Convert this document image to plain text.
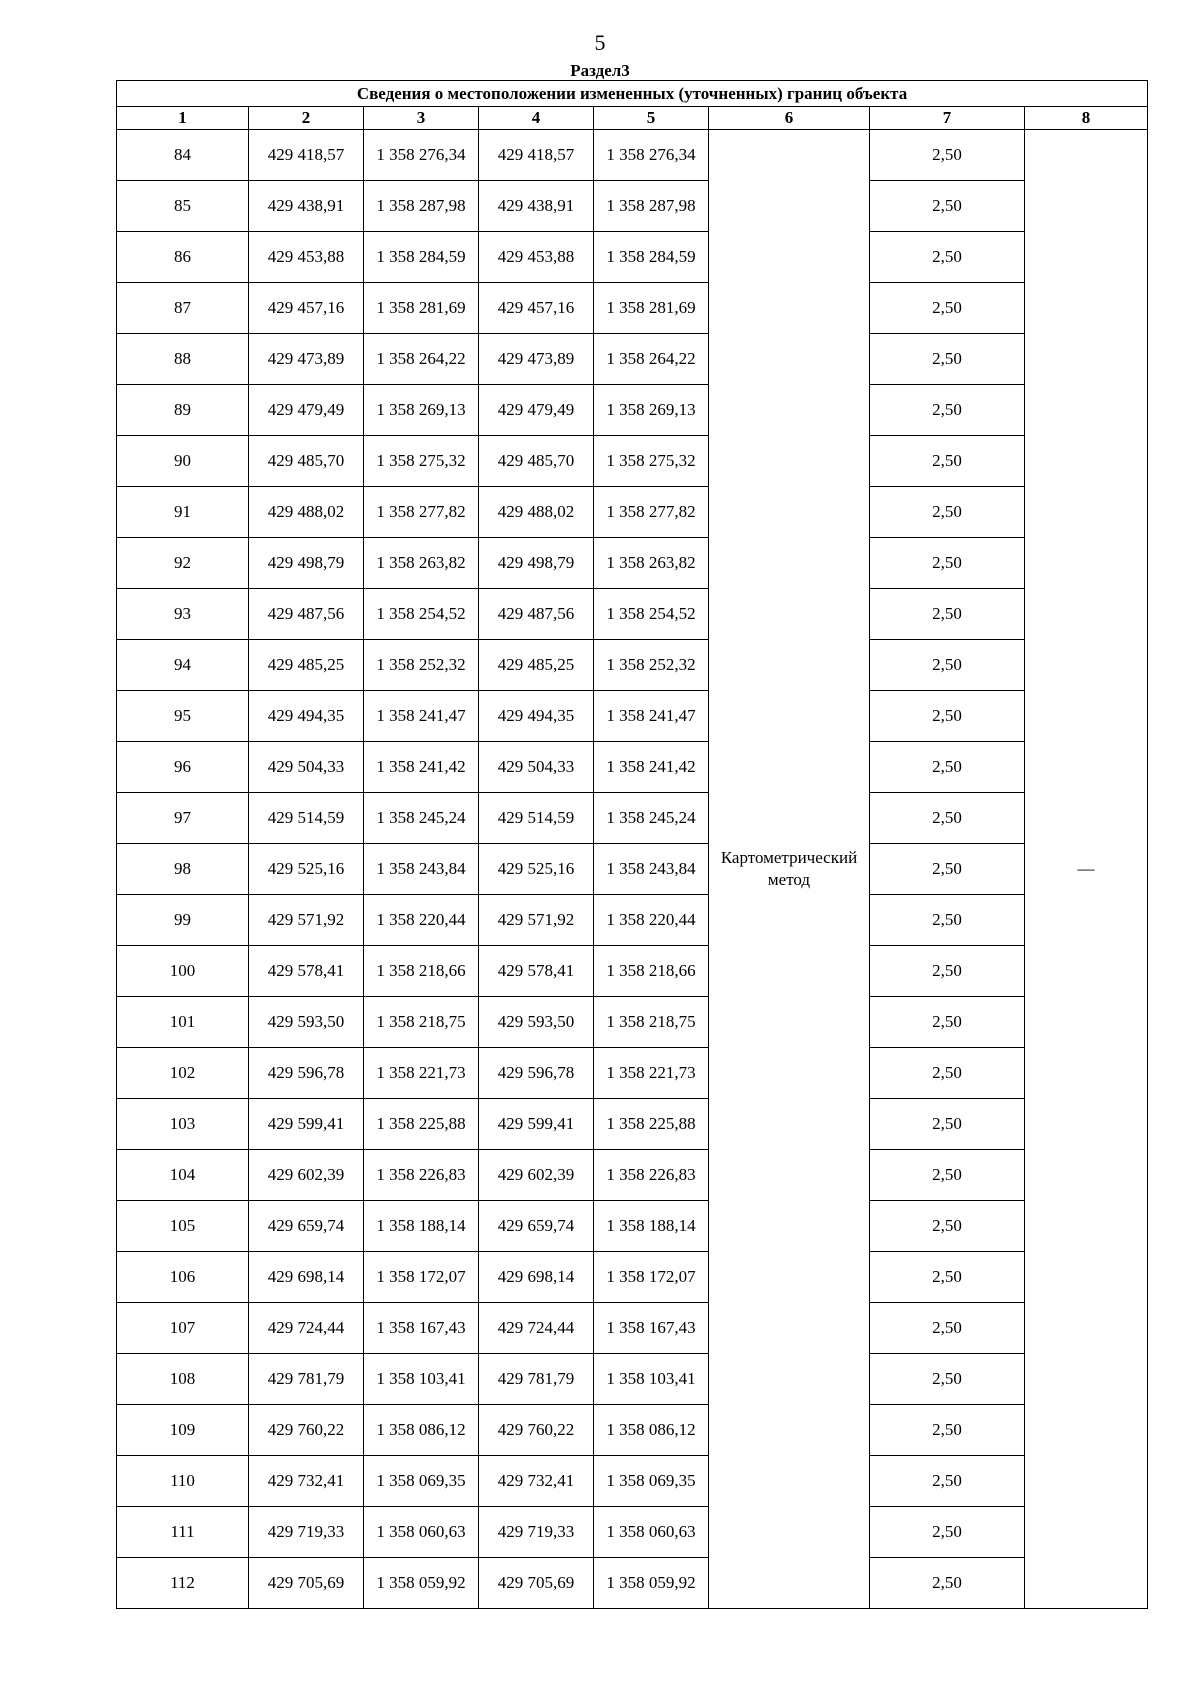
5
Раздел3
Сведения о местоположении измененных (уточненных) границ объекта							
1	2	3	4	5	6	7	8
84	429 418,57	1 358 276,34	429 418,57	1 358 276,34	Картометрический метод	2,50	—
85	429 438,91	1 358 287,98	429 438,91	1 358 287,98		2,50	
86	429 453,88	1 358 284,59	429 453,88	1 358 284,59		2,50	
87	429 457,16	1 358 281,69	429 457,16	1 358 281,69		2,50	
88	429 473,89	1 358 264,22	429 473,89	1 358 264,22		2,50	
89	429 479,49	1 358 269,13	429 479,49	1 358 269,13		2,50	
90	429 485,70	1 358 275,32	429 485,70	1 358 275,32		2,50	
91	429 488,02	1 358 277,82	429 488,02	1 358 277,82		2,50	
92	429 498,79	1 358 263,82	429 498,79	1 358 263,82		2,50	
93	429 487,56	1 358 254,52	429 487,56	1 358 254,52		2,50	
94	429 485,25	1 358 252,32	429 485,25	1 358 252,32		2,50	
95	429 494,35	1 358 241,47	429 494,35	1 358 241,47		2,50	
96	429 504,33	1 358 241,42	429 504,33	1 358 241,42		2,50	
97	429 514,59	1 358 245,24	429 514,59	1 358 245,24		2,50	
98	429 525,16	1 358 243,84	429 525,16	1 358 243,84		2,50	
99	429 571,92	1 358 220,44	429 571,92	1 358 220,44		2,50	
100	429 578,41	1 358 218,66	429 578,41	1 358 218,66		2,50	
101	429 593,50	1 358 218,75	429 593,50	1 358 218,75		2,50	
102	429 596,78	1 358 221,73	429 596,78	1 358 221,73		2,50	
103	429 599,41	1 358 225,88	429 599,41	1 358 225,88		2,50	
104	429 602,39	1 358 226,83	429 602,39	1 358 226,83		2,50	
105	429 659,74	1 358 188,14	429 659,74	1 358 188,14		2,50	
106	429 698,14	1 358 172,07	429 698,14	1 358 172,07		2,50	
107	429 724,44	1 358 167,43	429 724,44	1 358 167,43		2,50	
108	429 781,79	1 358 103,41	429 781,79	1 358 103,41		2,50	
109	429 760,22	1 358 086,12	429 760,22	1 358 086,12		2,50	
110	429 732,41	1 358 069,35	429 732,41	1 358 069,35		2,50	
111	429 719,33	1 358 060,63	429 719,33	1 358 060,63		2,50	
112	429 705,69	1 358 059,92	429 705,69	1 358 059,92		2,50	
